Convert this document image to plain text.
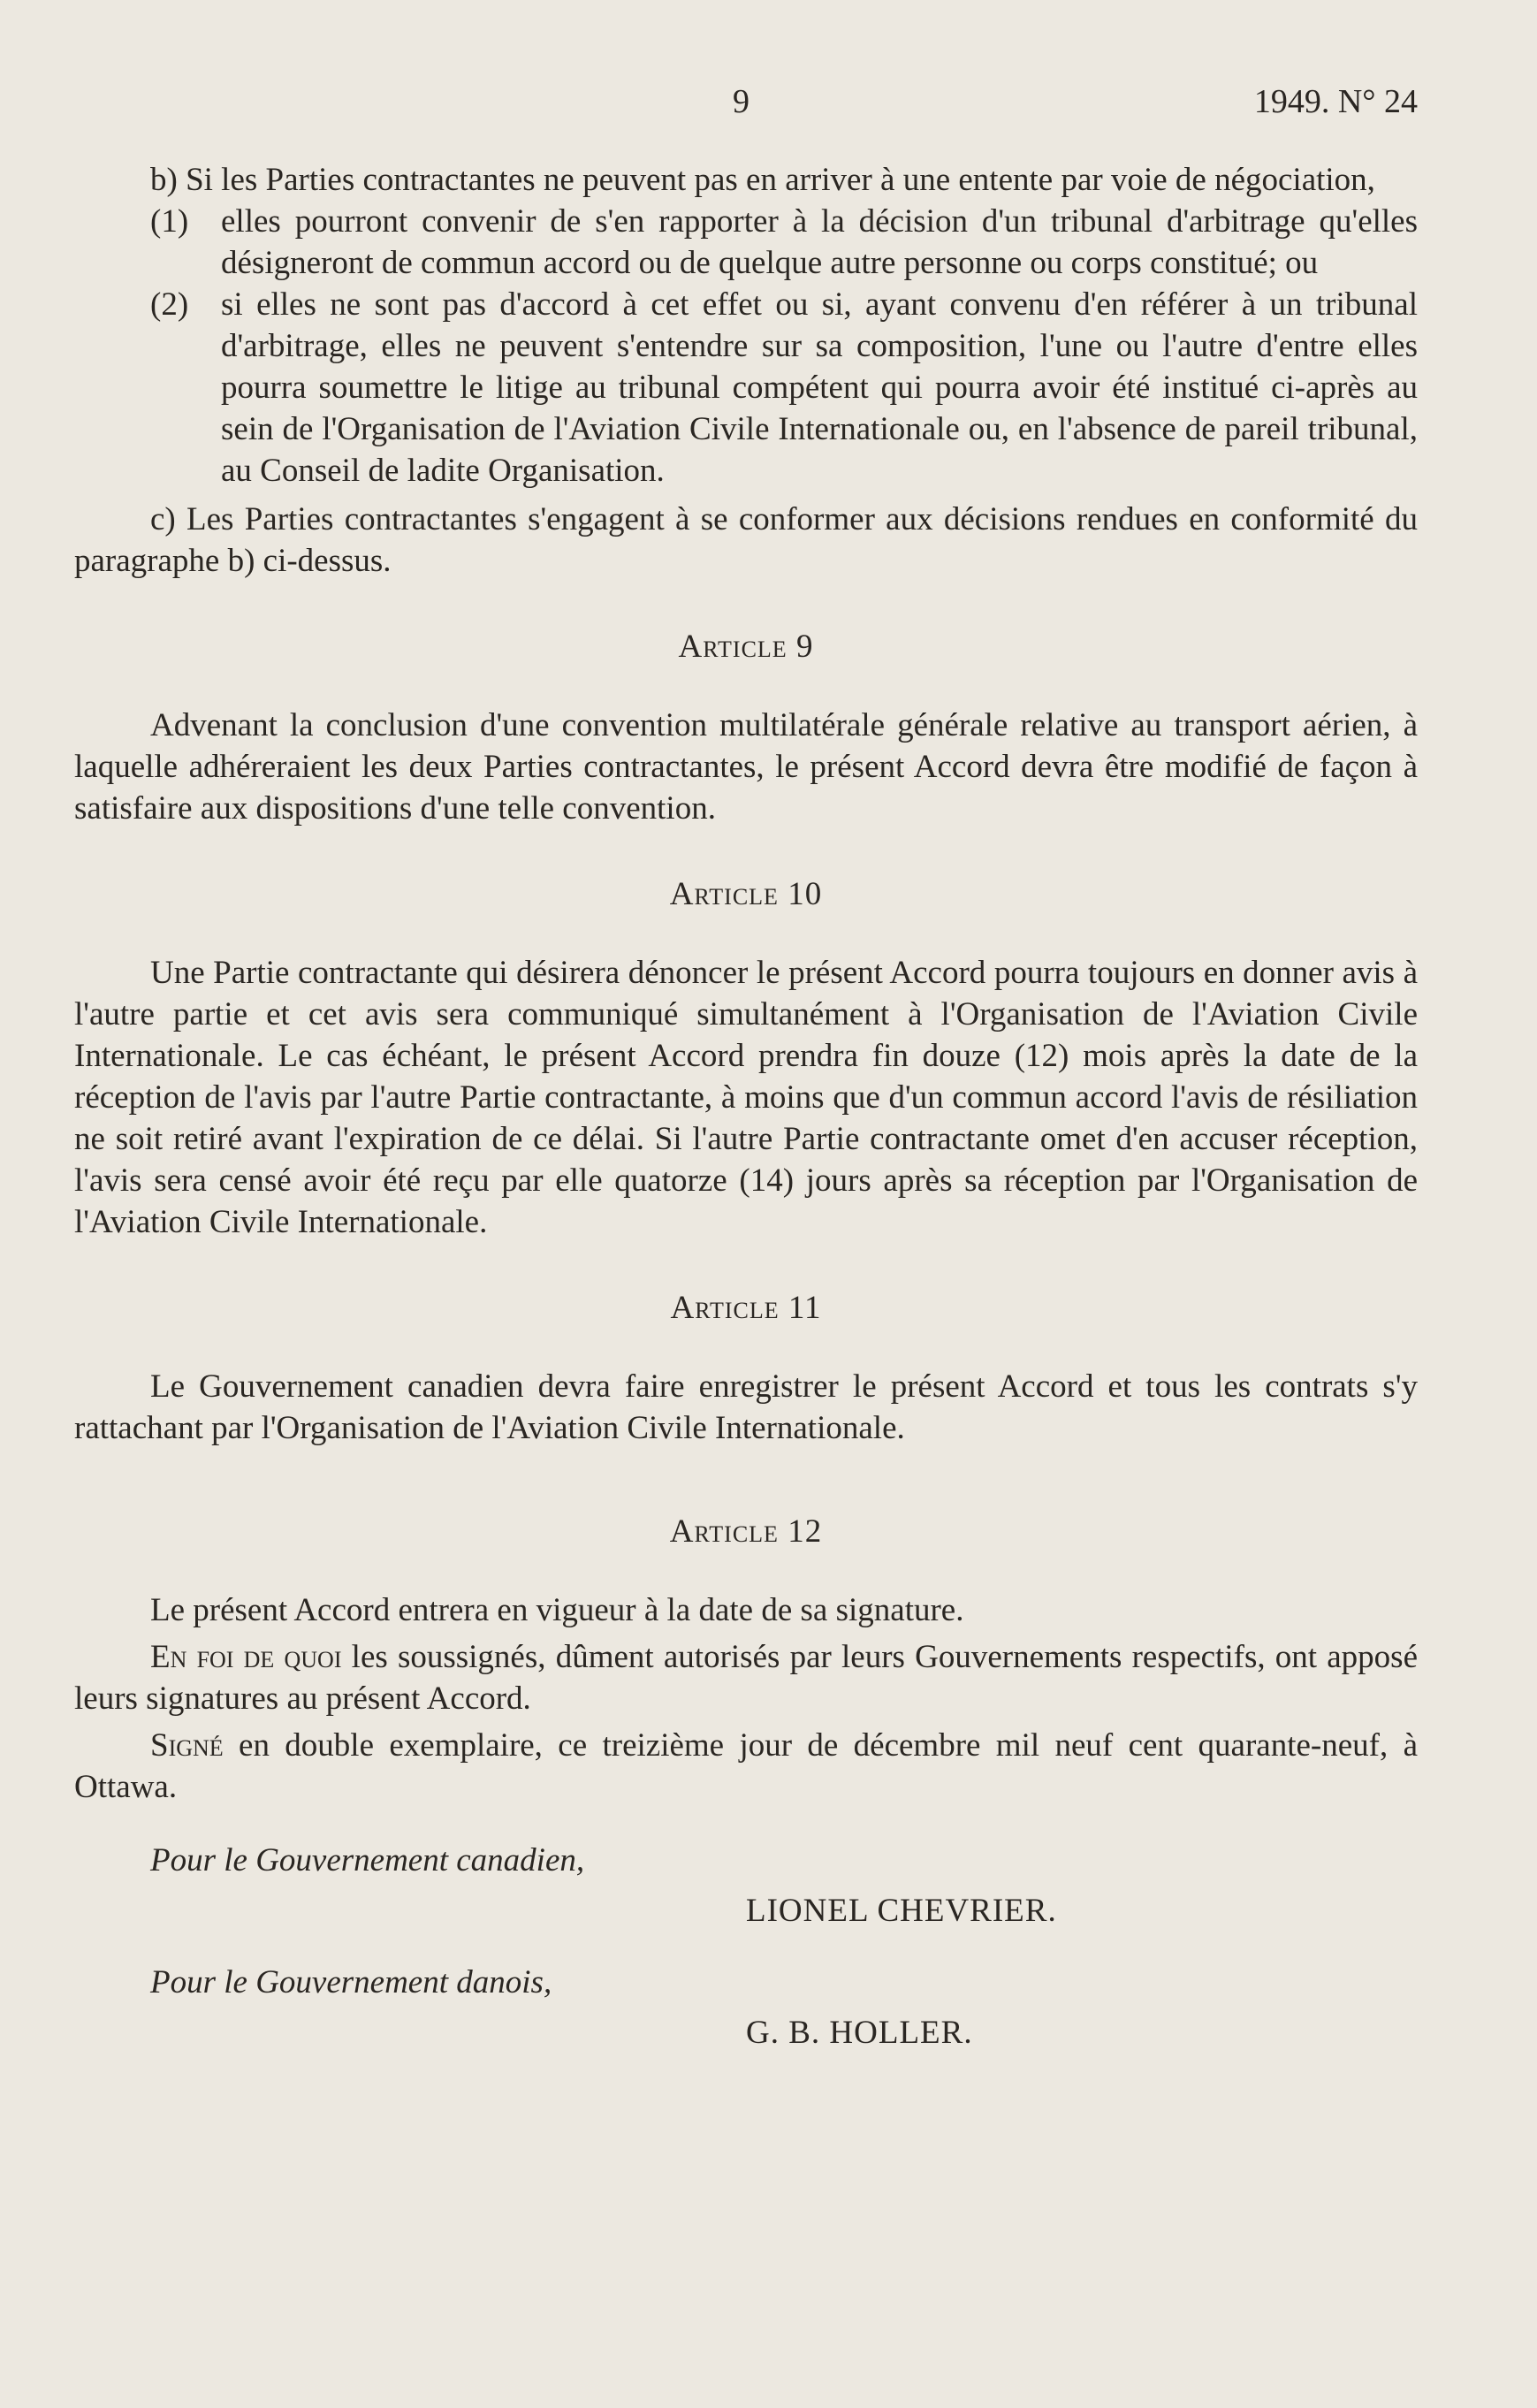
9	1949. N° 24

b) Si les Parties contractantes ne peuvent pas en arriver à une entente par voie de négociation,

(1) elles pourront convenir de s'en rapporter à la décision d'un tribunal d'arbitrage qu'elles désigneront de commun accord ou de quelque autre personne ou corps constitué; ou
(2) si elles ne sont pas d'accord à cet effet ou si, ayant convenu d'en référer à un tribunal d'arbitrage, elles ne peuvent s'entendre sur sa composition, l'une ou l'autre d'entre elles pourra soumettre le litige au tribunal compétent qui pourra avoir été institué ci-après au sein de l'Organisation de l'Aviation Civile Internationale ou, en l'absence de pareil tribunal, au Conseil de ladite Organisation.

c) Les Parties contractantes s'engagent à se conformer aux décisions rendues en conformité du paragraphe b) ci-dessus.

Article 9

Advenant la conclusion d'une convention multilatérale générale relative au transport aérien, à laquelle adhéreraient les deux Parties contractantes, le présent Accord devra être modifié de façon à satisfaire aux dispositions d'une telle convention.

Article 10

Une Partie contractante qui désirera dénoncer le présent Accord pourra toujours en donner avis à l'autre partie et cet avis sera communiqué simultanément à l'Organisation de l'Aviation Civile Internationale. Le cas échéant, le présent Accord prendra fin douze (12) mois après la date de la réception de l'avis par l'autre Partie contractante, à moins que d'un commun accord l'avis de résiliation ne soit retiré avant l'expiration de ce délai. Si l'autre Partie contractante omet d'en accuser réception, l'avis sera censé avoir été reçu par elle quatorze (14) jours après sa réception par l'Organisation de l'Aviation Civile Internationale.

Article 11

Le Gouvernement canadien devra faire enregistrer le présent Accord et tous les contrats s'y rattachant par l'Organisation de l'Aviation Civile Internationale.

Article 12

Le présent Accord entrera en vigueur à la date de sa signature.

En foi de quoi les soussignés, dûment autorisés par leurs Gouvernements respectifs, ont apposé leurs signatures au présent Accord.

Signé en double exemplaire, ce treizième jour de décembre mil neuf cent quarante-neuf, à Ottawa.

Pour le Gouvernement canadien,

LIONEL CHEVRIER.

Pour le Gouvernement danois,

G. B. HOLLER.
